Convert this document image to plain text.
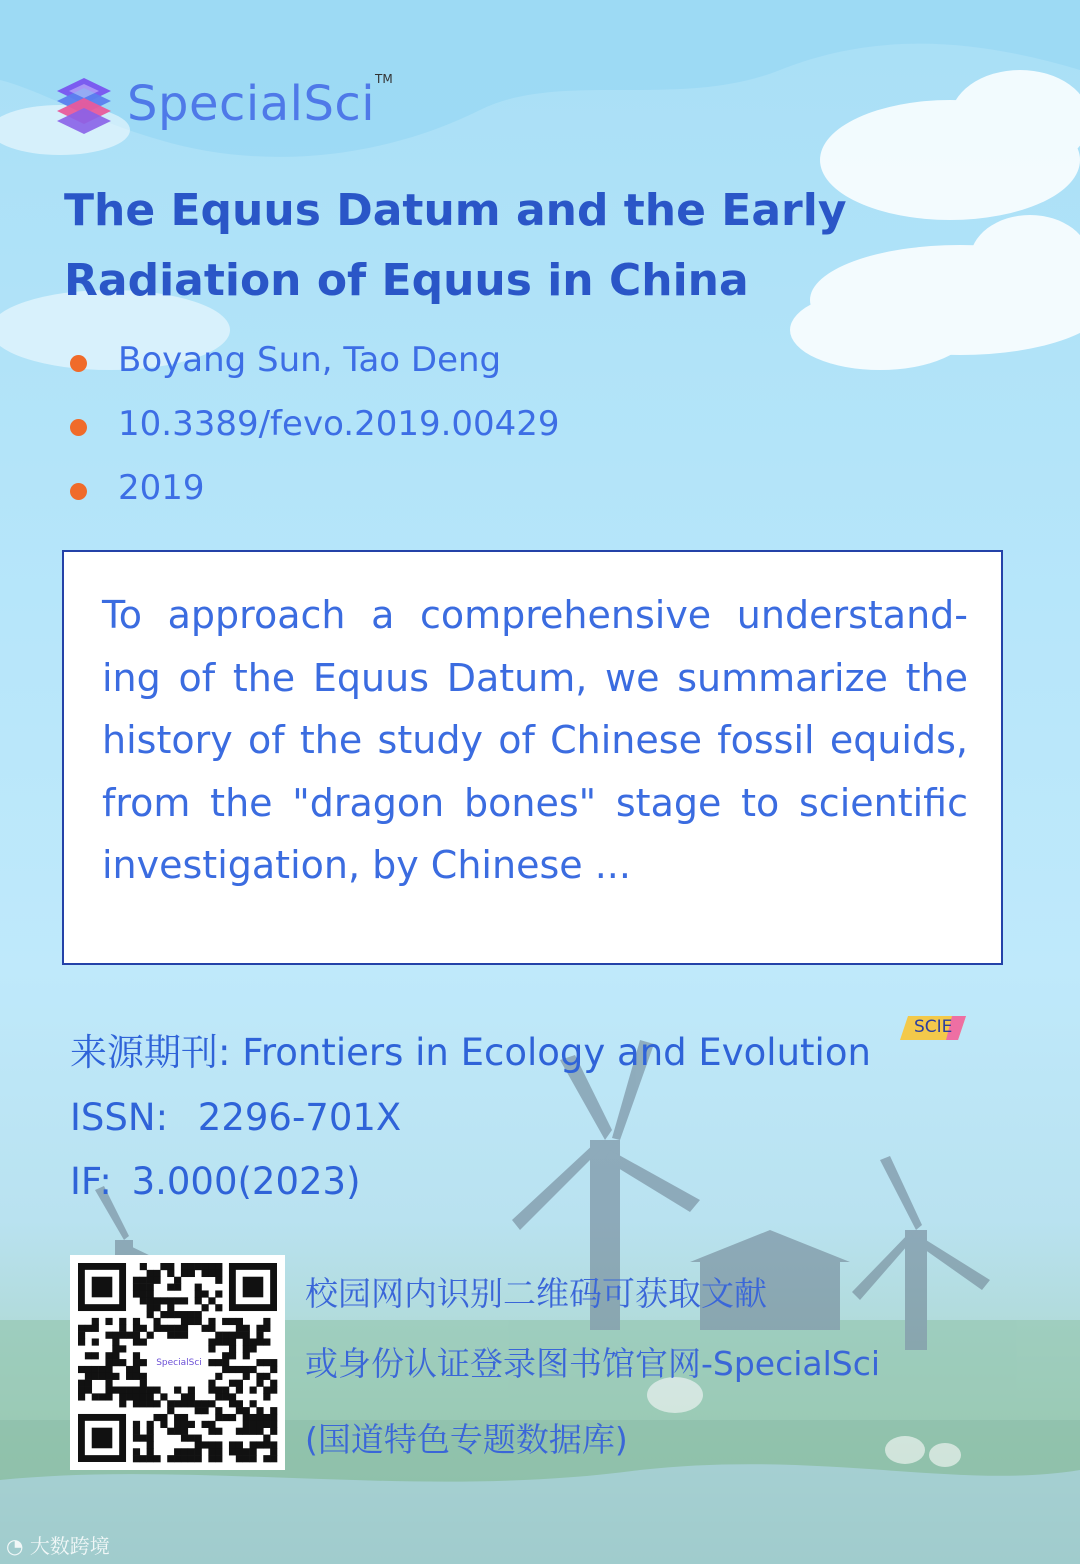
SpecialSci TM
The Equus Datum and the Early Radiation of Equus in China
Boyang Sun, Tao Deng
10.3389/fevo.2019.00429
2019
To approach a comprehensive understand-ing of the Equus Datum, we summarize the history of the study of Chinese fossil equids, from the "dragon bones" stage to scientific investigation, by Chinese ...
来源期刊: Frontiers in Ecology and Evolution
SCIE
ISSN: 2296-701X
IF: 3.000(2023)
SpecialSci
校园网内识别二维码可获取文献
或身份认证登录图书馆官网-SpecialSci
(国道特色专题数据库)
◔ 大数跨境
